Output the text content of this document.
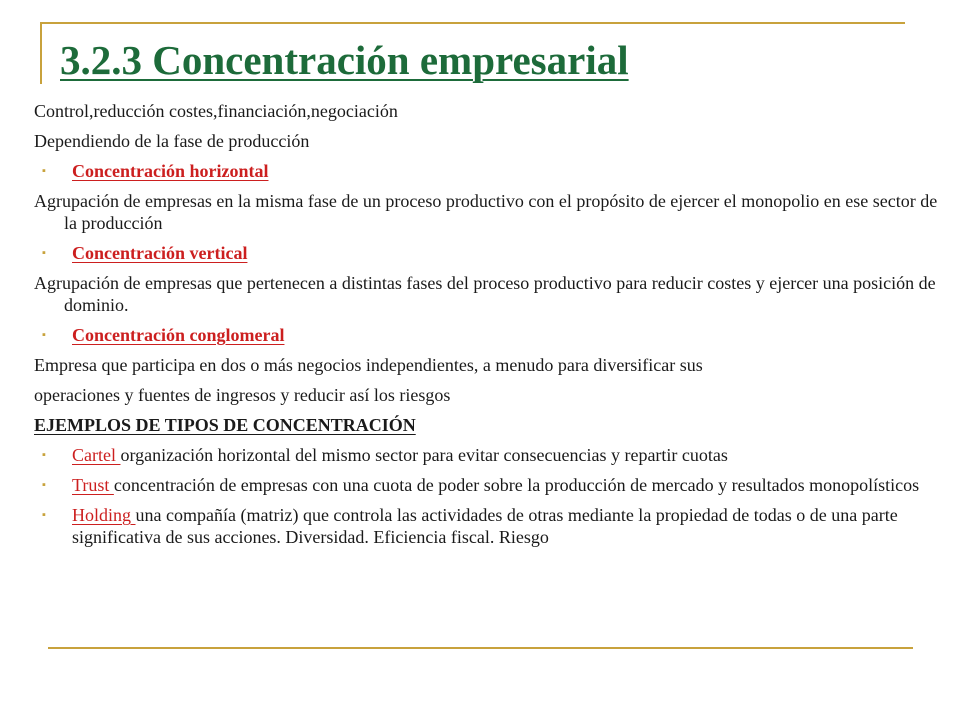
3.2.3 Concentración empresarial

Control,reducción costes,financiación,negociación

Dependiendo de la fase de producción

▪	Concentración horizontal

Agrupación de empresas en la misma fase de un proceso productivo con el propósito de ejercer el monopolio en ese sector de la producción

▪	Concentración vertical

Agrupación de empresas que pertenecen a distintas fases del proceso productivo para reducir costes y ejercer una posición de dominio.

▪	Concentración conglomeral

Empresa que participa en dos o más negocios independientes, a menudo para diversificar sus

operaciones y fuentes de ingresos y reducir así los riesgos

EJEMPLOS DE TIPOS DE CONCENTRACIÓN

▪	Cartel organización horizontal del mismo sector para evitar consecuencias y repartir cuotas

▪	Trust concentración de empresas con una cuota de poder sobre la producción de mercado y resultados monopolísticos

▪	Holding una compañía (matriz) que controla las actividades de otras mediante la propiedad de todas o de una parte significativa de sus acciones. Diversidad. Eficiencia fiscal. Riesgo
